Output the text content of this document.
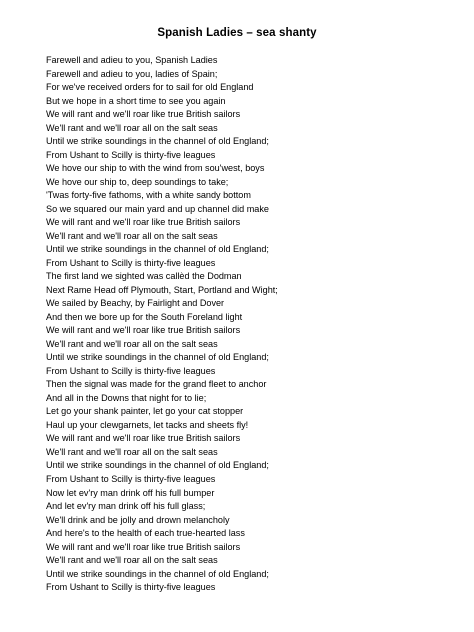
Spanish Ladies – sea shanty
Farewell and adieu to you, Spanish Ladies
Farewell and adieu to you, ladies of Spain;
For we've received orders for to sail for old England
But we hope in a short time to see you again
We will rant and we'll roar like true British sailors
We'll rant and we'll roar all on the salt seas
Until we strike soundings in the channel of old England;
From Ushant to Scilly is thirty-five leagues
We hove our ship to with the wind from sou'west, boys
We hove our ship to, deep soundings to take;
'Twas forty-five fathoms, with a white sandy bottom
So we squared our main yard and up channel did make
We will rant and we'll roar like true British sailors
We'll rant and we'll roar all on the salt seas
Until we strike soundings in the channel of old England;
From Ushant to Scilly is thirty-five leagues
The first land we sighted was callèd the Dodman
Next Rame Head off Plymouth, Start, Portland and Wight;
We sailed by Beachy, by Fairlight and Dover
And then we bore up for the South Foreland light
We will rant and we'll roar like true British sailors
We'll rant and we'll roar all on the salt seas
Until we strike soundings in the channel of old England;
From Ushant to Scilly is thirty-five leagues
Then the signal was made for the grand fleet to anchor
And all in the Downs that night for to lie;
Let go your shank painter, let go your cat stopper
Haul up your clewgarnets, let tacks and sheets fly!
We will rant and we'll roar like true British sailors
We'll rant and we'll roar all on the salt seas
Until we strike soundings in the channel of old England;
From Ushant to Scilly is thirty-five leagues
Now let ev'ry man drink off his full bumper
And let ev'ry man drink off his full glass;
We'll drink and be jolly and drown melancholy
And here's to the health of each true-hearted lass
We will rant and we'll roar like true British sailors
We'll rant and we'll roar all on the salt seas
Until we strike soundings in the channel of old England;
From Ushant to Scilly is thirty-five leagues
